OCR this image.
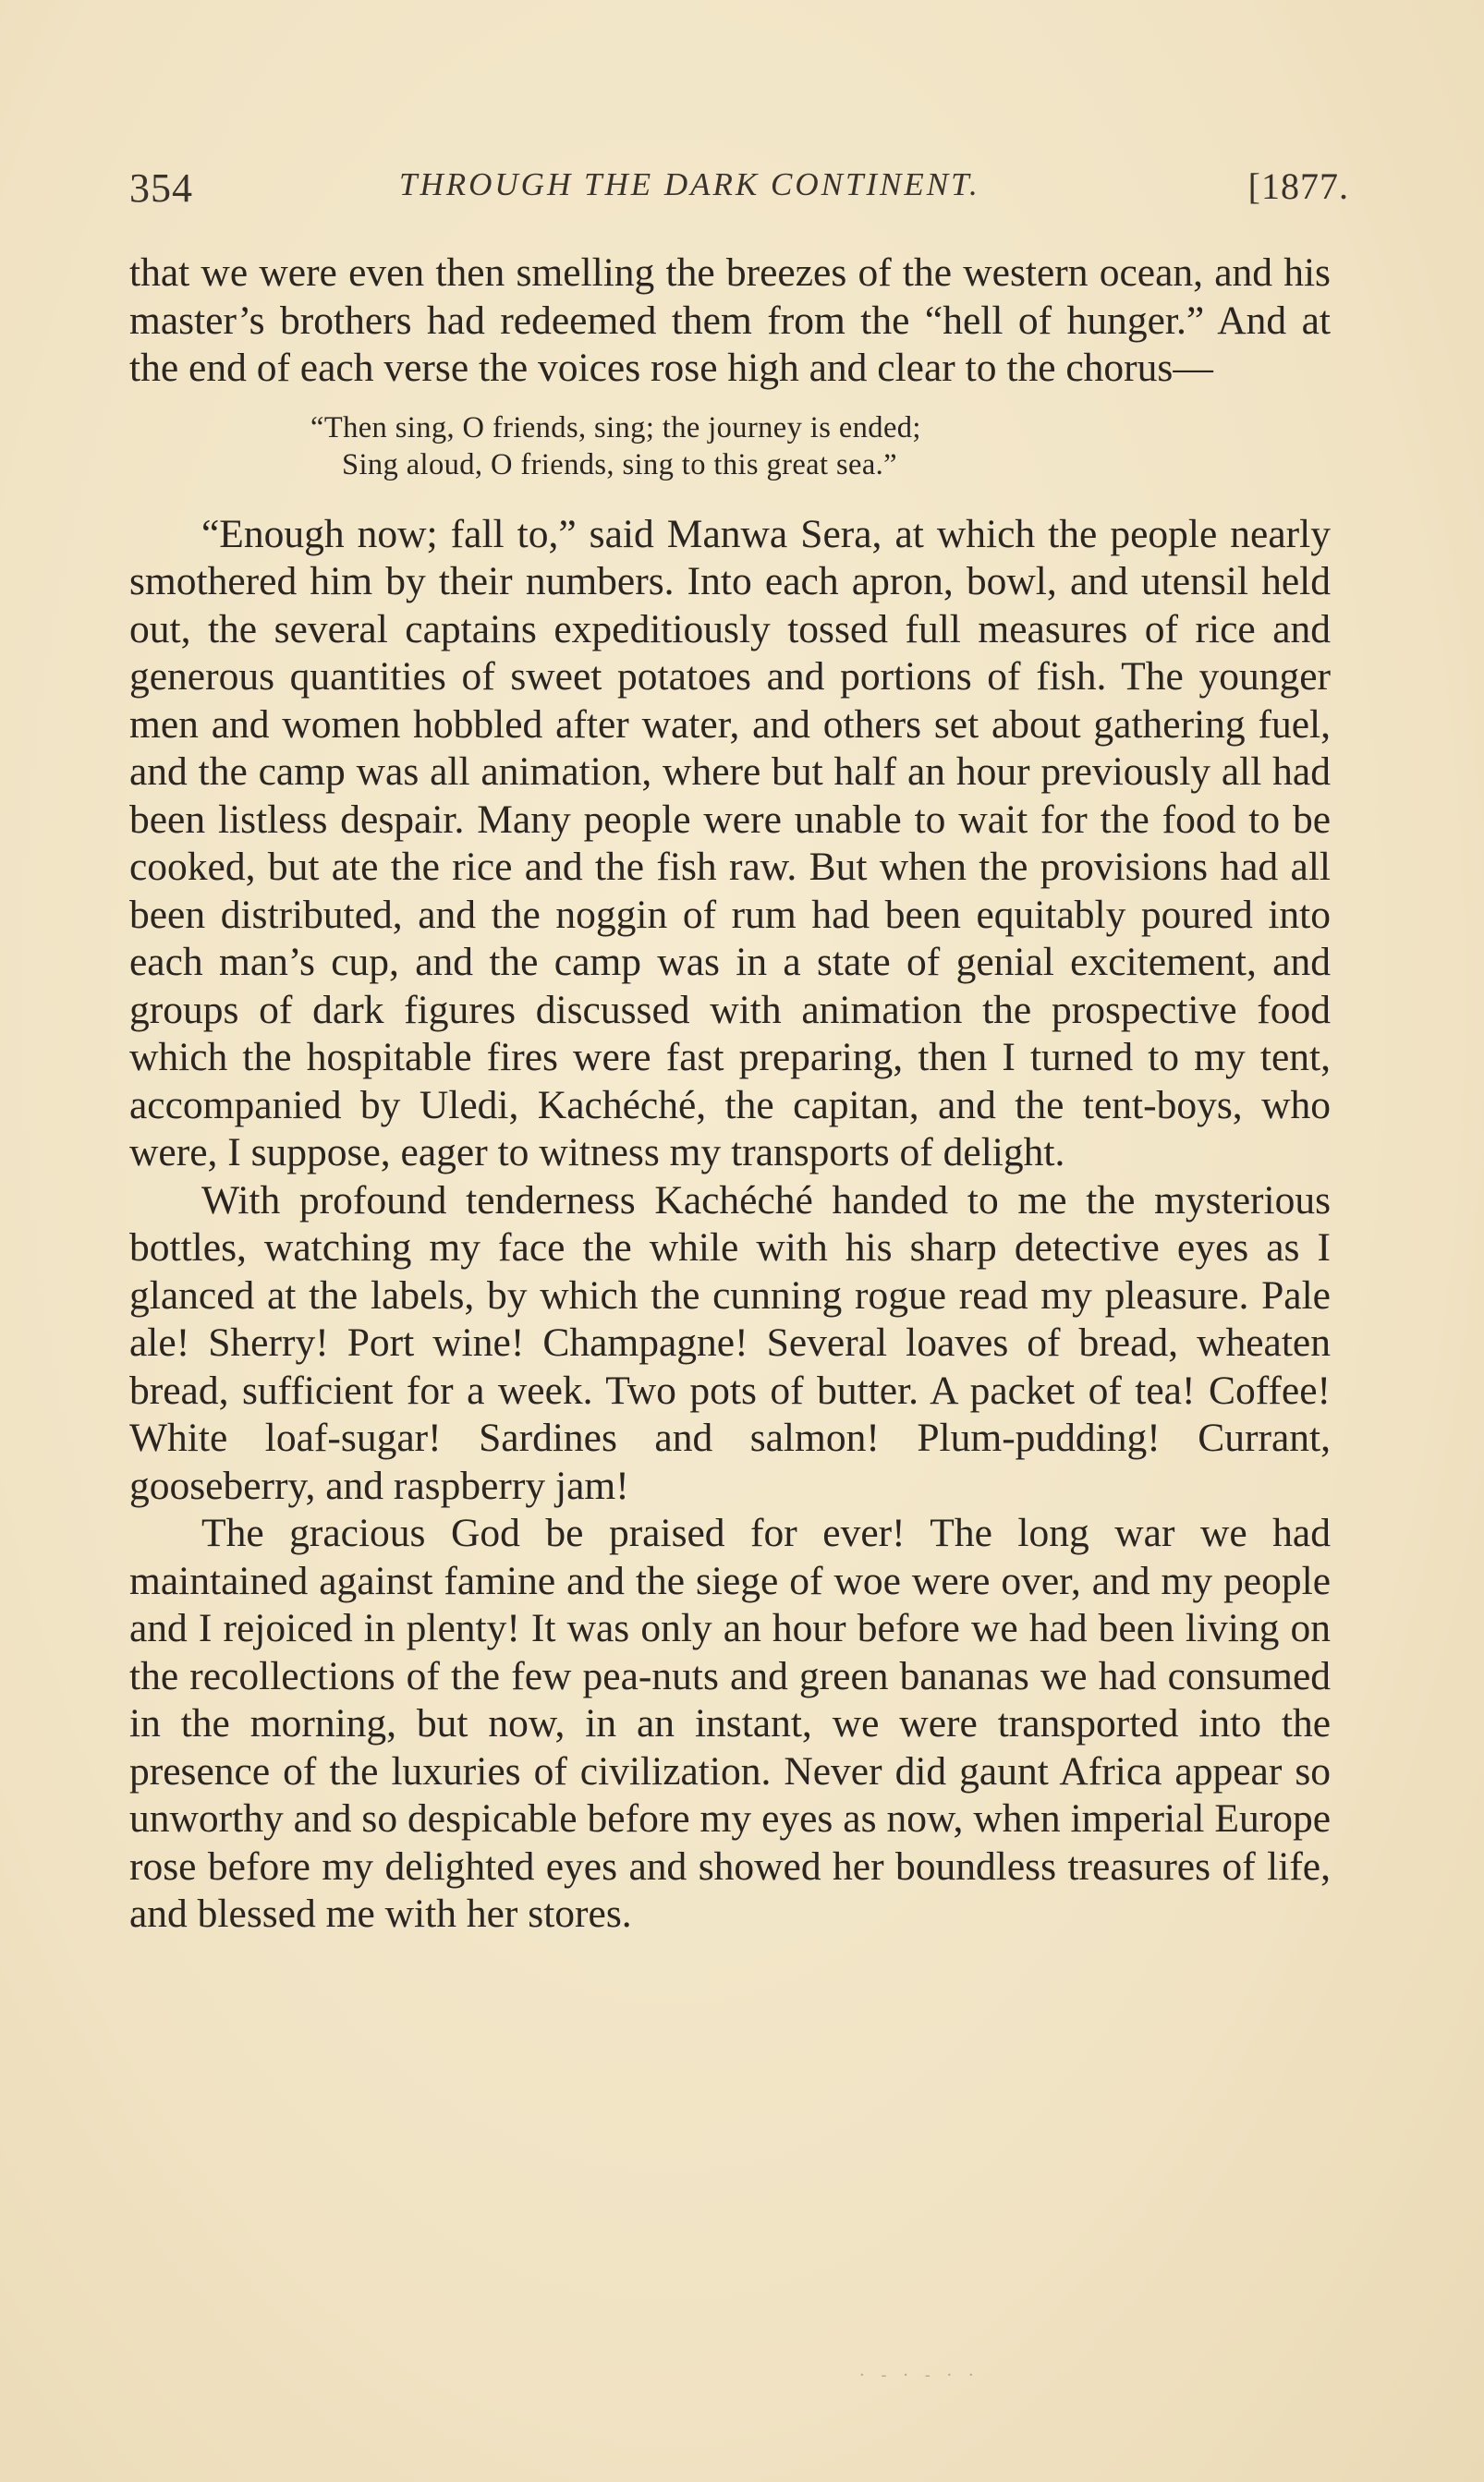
354	THROUGH THE DARK CONTINENT.	[1877.

that we were even then smelling the breezes of the western ocean, and his master’s brothers had redeemed them from the “hell of hunger.” And at the end of each verse the voices rose high and clear to the chorus—

“Then sing, O friends, sing; the journey is ended;
Sing aloud, O friends, sing to this great sea.”

“Enough now; fall to,” said Manwa Sera, at which the people nearly smothered him by their numbers. Into each apron, bowl, and utensil held out, the several captains expeditiously tossed full measures of rice and generous quantities of sweet potatoes and portions of fish. The younger men and women hobbled after water, and others set about gathering fuel, and the camp was all animation, where but half an hour previously all had been listless despair. Many people were unable to wait for the food to be cooked, but ate the rice and the fish raw. But when the provisions had all been distributed, and the noggin of rum had been equitably poured into each man’s cup, and the camp was in a state of genial excitement, and groups of dark figures discussed with animation the prospective food which the hospitable fires were fast preparing, then I turned to my tent, accompanied by Uledi, Kachéché, the capitan, and the tent-boys, who were, I suppose, eager to witness my transports of delight.

With profound tenderness Kachéché handed to me the mysterious bottles, watching my face the while with his sharp detective eyes as I glanced at the labels, by which the cunning rogue read my pleasure. Pale ale! Sherry! Port wine! Champagne! Several loaves of bread, wheaten bread, sufficient for a week. Two pots of butter. A packet of tea! Coffee! White loaf-sugar! Sardines and salmon! Plum-pudding! Currant, gooseberry, and raspberry jam!

The gracious God be praised for ever! The long war we had maintained against famine and the siege of woe were over, and my people and I rejoiced in plenty! It was only an hour before we had been living on the recollections of the few pea-nuts and green bananas we had consumed in the morning, but now, in an instant, we were transported into the presence of the luxuries of civilization. Never did gaunt Africa appear so unworthy and so despicable before my eyes as now, when imperial Europe rose before my delighted eyes and showed her boundless treasures of life, and blessed me with her stores.

· - · ‐ · ·
